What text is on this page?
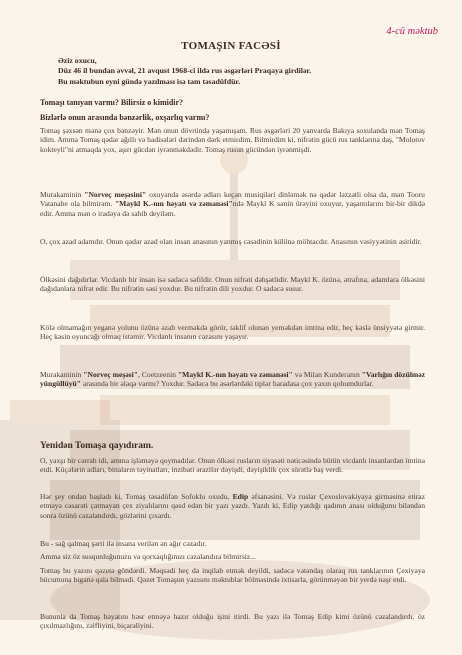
4-cü məktub
TOMAŞIN FACƏSİ
Əziz oxucu,
Düz 46 il bundan əvvəl, 21 avqust 1968-ci ildə rus əsgərləri Praqaya girdilər.
Bu məktubun eyni gündə yazılması isə tam təsadüfdür.
Tomaşı tanıyan varmı? Bilirsiz o kimidir?
Bizlərlə onun arasında bənzərlik, oxşarlıq varmı?
Tomaş şəxsən mənə çox bənzəyir. Mən onun dövründə yaşamışam. Rus əsgərləri 20 yanvarda Bakıya soxulanda mən Tomaş idim. Amma Tomaş qədər ağıllı və hadisələri dərindən dərk etmirdim. Bilmirdim ki, nifrətin gücü rus tanklarına daş, "Molotov kokteyli"ni atmaqda yox, aşırı gücdən iyrənməkdədir. Tomaş rusun gücündən iyrənmişdi.
Murakaminin "Norveç meşəsini" oxuyanda əsərdə adları keçən musiqiləri dinləmək nə qədər ləzzətli olsa da, mən Tooru Vatanabe ola bilmirəm. "Maykl K.-nın həyatı və zəmanəsi"ndə Maykl K sənin ürəyini oxuyur, yaşantılarını bir-bir dikdə edir. Amma mən o iradəyə də sahib deyiləm.
O, çox azad adamdır. Onun qədər azad olan insan anasının yanmış cəsədinin külünə möhtacdır. Anasının vəsiyyətinin əsiridir.
Ölkəsini dağıdırlar. Vicdanlı bir insan isə sadəcə səfildir. Onun nifrəti dəhşətlidir. Maykl K. özünə, ətrafına, adamlara ölkəsini dağıdanlara nifrət edir. Bu nifrətin səsi yoxdur. Bu nifrətin dili yoxdur. O sadəcə susur.
Kölə olmamağın yeganə yolunu özünə əzab verməkdə görür, təklif olunan yeməkdən imtina edir, heç kəslə ünsiyyətə girmir. Heç kəsin oyuncağı olmaq istəmir. Vicdanlı insanın cəzasını yaşayır.
Murakaminin "Norveç meşəsi", Coetzeenin "Maykl K.-nın həyatı və zəmanəsi" və Milan Kunderanın "Varlığın dözülməz yüngüllüyü" arasında bir əlaqə varmı? Yoxdur. Sadəcə bu əsərlərdəki tiplər haradasa çox yaxın qohumdurlar.
Yenidən Tomaşa qayıdıram.
O, yaxşı bir cərrah idi, amma işləməyə qoymadılar. Onun ölkəsi rusların siyasəti nəticəsində bütün vicdanlı insanlardan imtina etdi. Küçələrin adları, binaların təyinatları, inzibati ərazilər dəyişdi, dəyişiklik çox sürətlə baş verdi.
Hər şey ondan başladı ki, Tomaş təsadüfən Sofoklu oxudu, Edip əfsanəsini. Və ruslar Çexoslovakiyaya girməsinə etiraz etməyə cəsarəti çatmayan çex ziyalılarını qəsd edən bir yazı yazdı. Yazdı ki, Edip yatdığı qadının anası olduğunu biləndən sonra özünü cəzalandırdı, gözlərini çıxardı.
Bu - sağ qalmaq şərti ilə insana verilən ən ağır cəzadır.
Amma siz öz susqunluğunuzu və qorxaqlığınızı cəzalandıra bilmirsiz...
Tomaş bu yazını qəzetə göndərdi. Məqsədi heç də inqilab etmək deyildi, sadəcə vətəndaş olaraq rus tanklarının Çexiyaya hücumuna biganə qala bilmədi. Qəzet Tomaşun yazısını məktublar bölməsində ixtisarla, görünməyən bir yerdə nəşr etdi.
Bununla da Tomaş həyatını həsr etməyə hazır olduğu işini itirdi. Bu yazı ilə Tomaş Edip kimi özünü cəzalandırdı, öz çıxılmazlığını, zəifliyini, biçarəliyini.
